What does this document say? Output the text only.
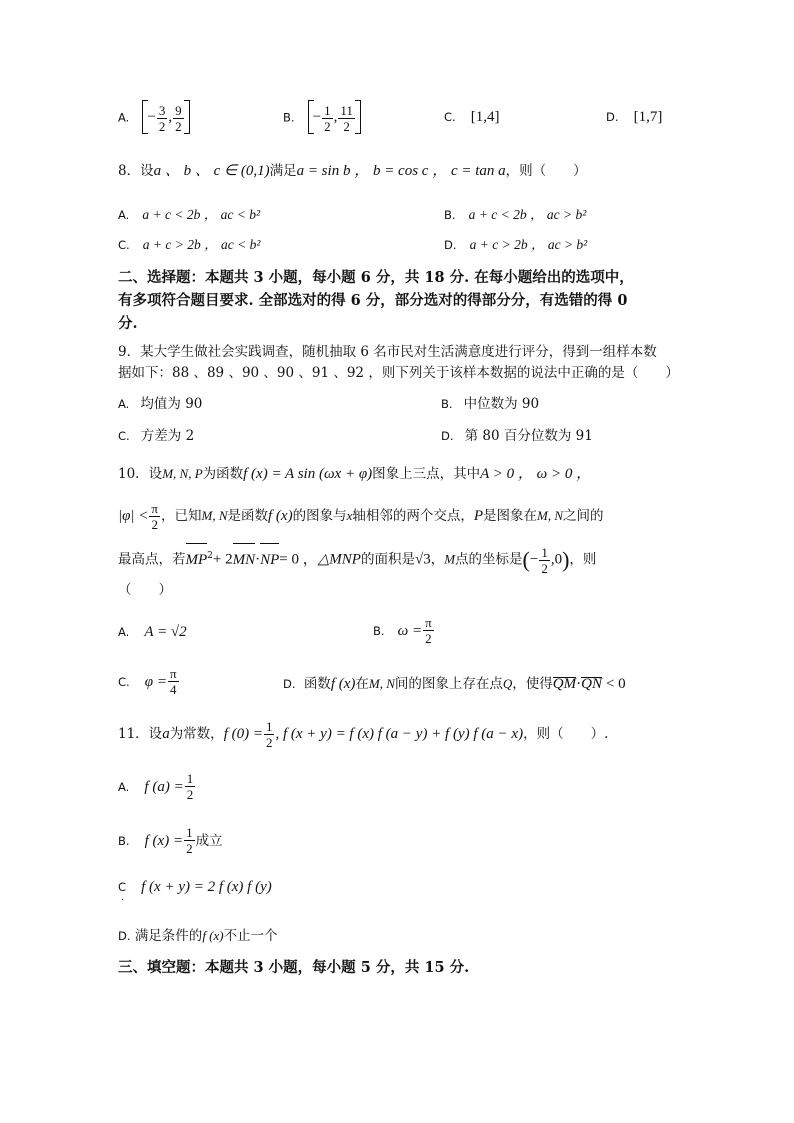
A. − $\frac{3}{2}$ , $\frac{9}{2}$	B. − $\frac{1}{2}$ , $\frac{11}{2}$	C. [1,4]	D. [1,7]
8．设a 、 b 、 c ∈ (0,1)满足a = sin b ， b = cos c ， c = tan a，则（　　）
A. a + c < 2b ， ac < b²	B. a + c < 2b ， ac > b²
C. a + c > 2b ， ac < b²	D. a + c > 2b ， ac > b²
二、选择题：本题共 3 小题，每小题 6 分，共 18 分. 在每小题给出的选项中，
有多项符合题目要求. 全部选对的得 6 分，部分选对的得部分分，有选错的得 0
分.
9．某大学生做社会实践调查，随机抽取 6 名市民对生活满意度进行评分，得到一组样本数
据如下：88 、89 、90 、90 、91 、92 ，则下列关于该样本数据的说法中正确的是（　　）
A. 均值为 90	B. 中位数为 90
C. 方差为 2	D. 第 80 百分位数为 91
10．设M, N, P为函数f (x) = A sin (ωx + φ)图象上三点，其中A > 0 ， ω > 0 ，
$|\varphi| < \frac{\pi}{2}$ ，已知M, N是函数f (x)的图象与x轴相邻的两个交点，P是图象在M, N之间的
最高点，若$MP^2+ 2MN\cdot NP= 0$ ，△MNP的面积是√3，M点的坐标是(− $\frac{1}{2} ,0$)，则
（　　）
A. A = √2	B. $\omega = \frac{\pi}{2}$
C. $\varphi = \frac{\pi}{4}$	D. 函数f (x)在M, N间的图象上存在点Q，使得QM·QN < 0
11．设a为常数，f $(0) = \frac{1}{2}$ , f (x + y) = f (x) f (a − y) + f (y) f (a − x)，则（　　）.
A. f $(a) = \frac{1}{2}$
B. f $(x) = \frac{1}{2}$ 成立
C f (x + y) = 2 f (x) f (y)
.
D. 满足条件的f (x)不止一个
三、填空题：本题共 3 小题，每小题 5 分，共 15 分.
